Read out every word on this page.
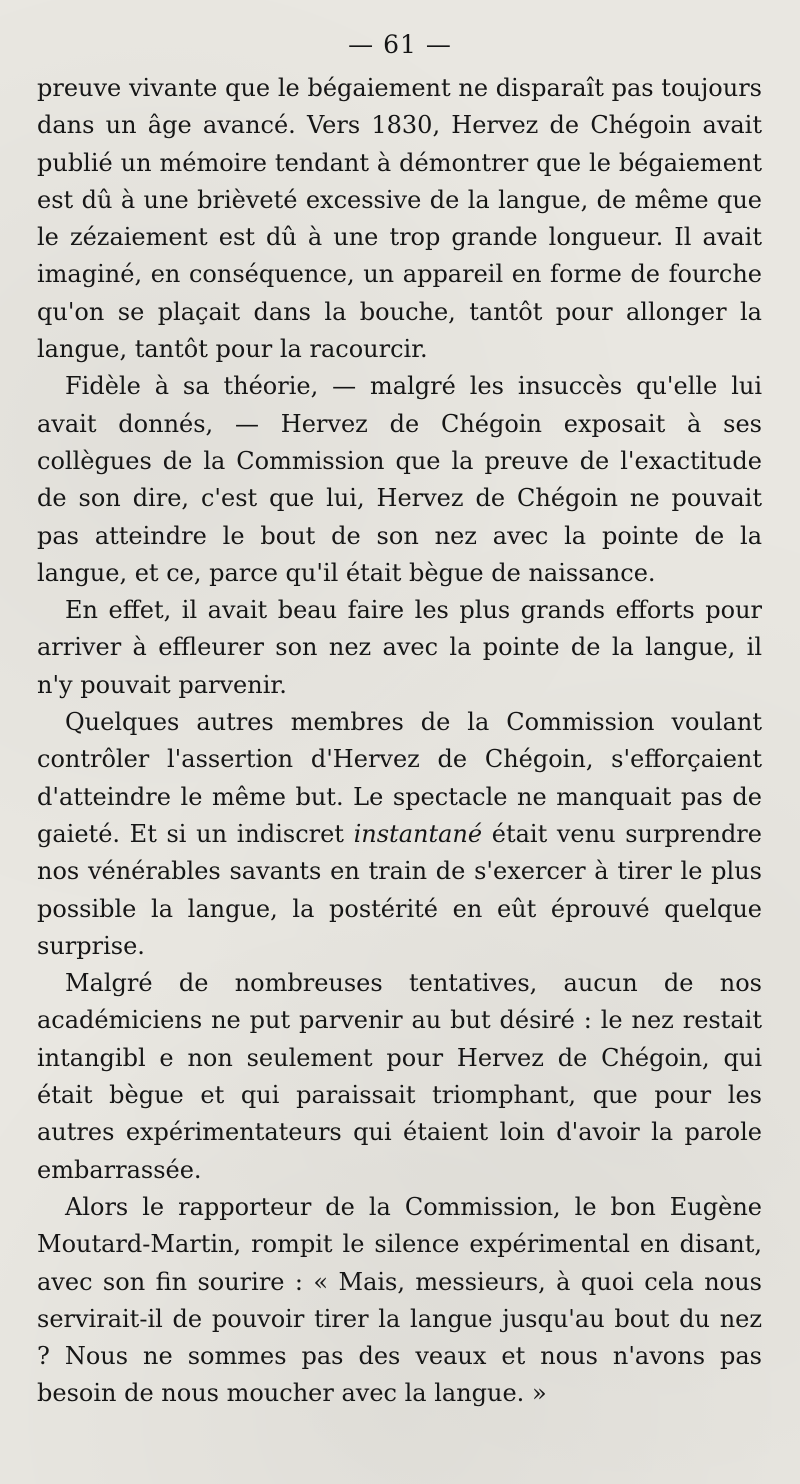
— 61 —

preuve vivante que le bégaiement ne disparaît pas toujours dans un âge avancé. Vers 1830, Hervez de Chégoin avait publié un mémoire tendant à démontrer que le bégaiement est dû à une brièveté excessive de la langue, de même que le zézaiement est dû à une trop grande longueur. Il avait imaginé, en conséquence, un appareil en forme de fourche qu'on se plaçait dans la bouche, tantôt pour allonger la langue, tantôt pour la racourcir.

Fidèle à sa théorie, — malgré les insuccès qu'elle lui avait donnés, — Hervez de Chégoin exposait à ses collègues de la Commission que la preuve de l'exactitude de son dire, c'est que lui, Hervez de Chégoin ne pouvait pas atteindre le bout de son nez avec la pointe de la langue, et ce, parce qu'il était bègue de naissance.

En effet, il avait beau faire les plus grands efforts pour arriver à effleurer son nez avec la pointe de la langue, il n'y pouvait parvenir.

Quelques autres membres de la Commission voulant contrôler l'assertion d'Hervez de Chégoin, s'efforçaient d'atteindre le même but. Le spectacle ne manquait pas de gaieté. Et si un indiscret instantané était venu surprendre nos vénérables savants en train de s'exercer à tirer le plus possible la langue, la postérité en eût éprouvé quelque surprise.

Malgré de nombreuses tentatives, aucun de nos académiciens ne put parvenir au but désiré : le nez restait intangibl e non seulement pour Hervez de Chégoin, qui était bègue et qui paraissait triomphant, que pour les autres expérimentateurs qui étaient loin d'avoir la parole embarrassée.

Alors le rapporteur de la Commission, le bon Eugène Moutard-Martin, rompit le silence expérimental en disant, avec son fin sourire : « Mais, messieurs, à quoi cela nous servirait-il de pouvoir tirer la langue jusqu'au bout du nez ? Nous ne sommes pas des veaux et nous n'avons pas besoin de nous moucher avec la langue. »
